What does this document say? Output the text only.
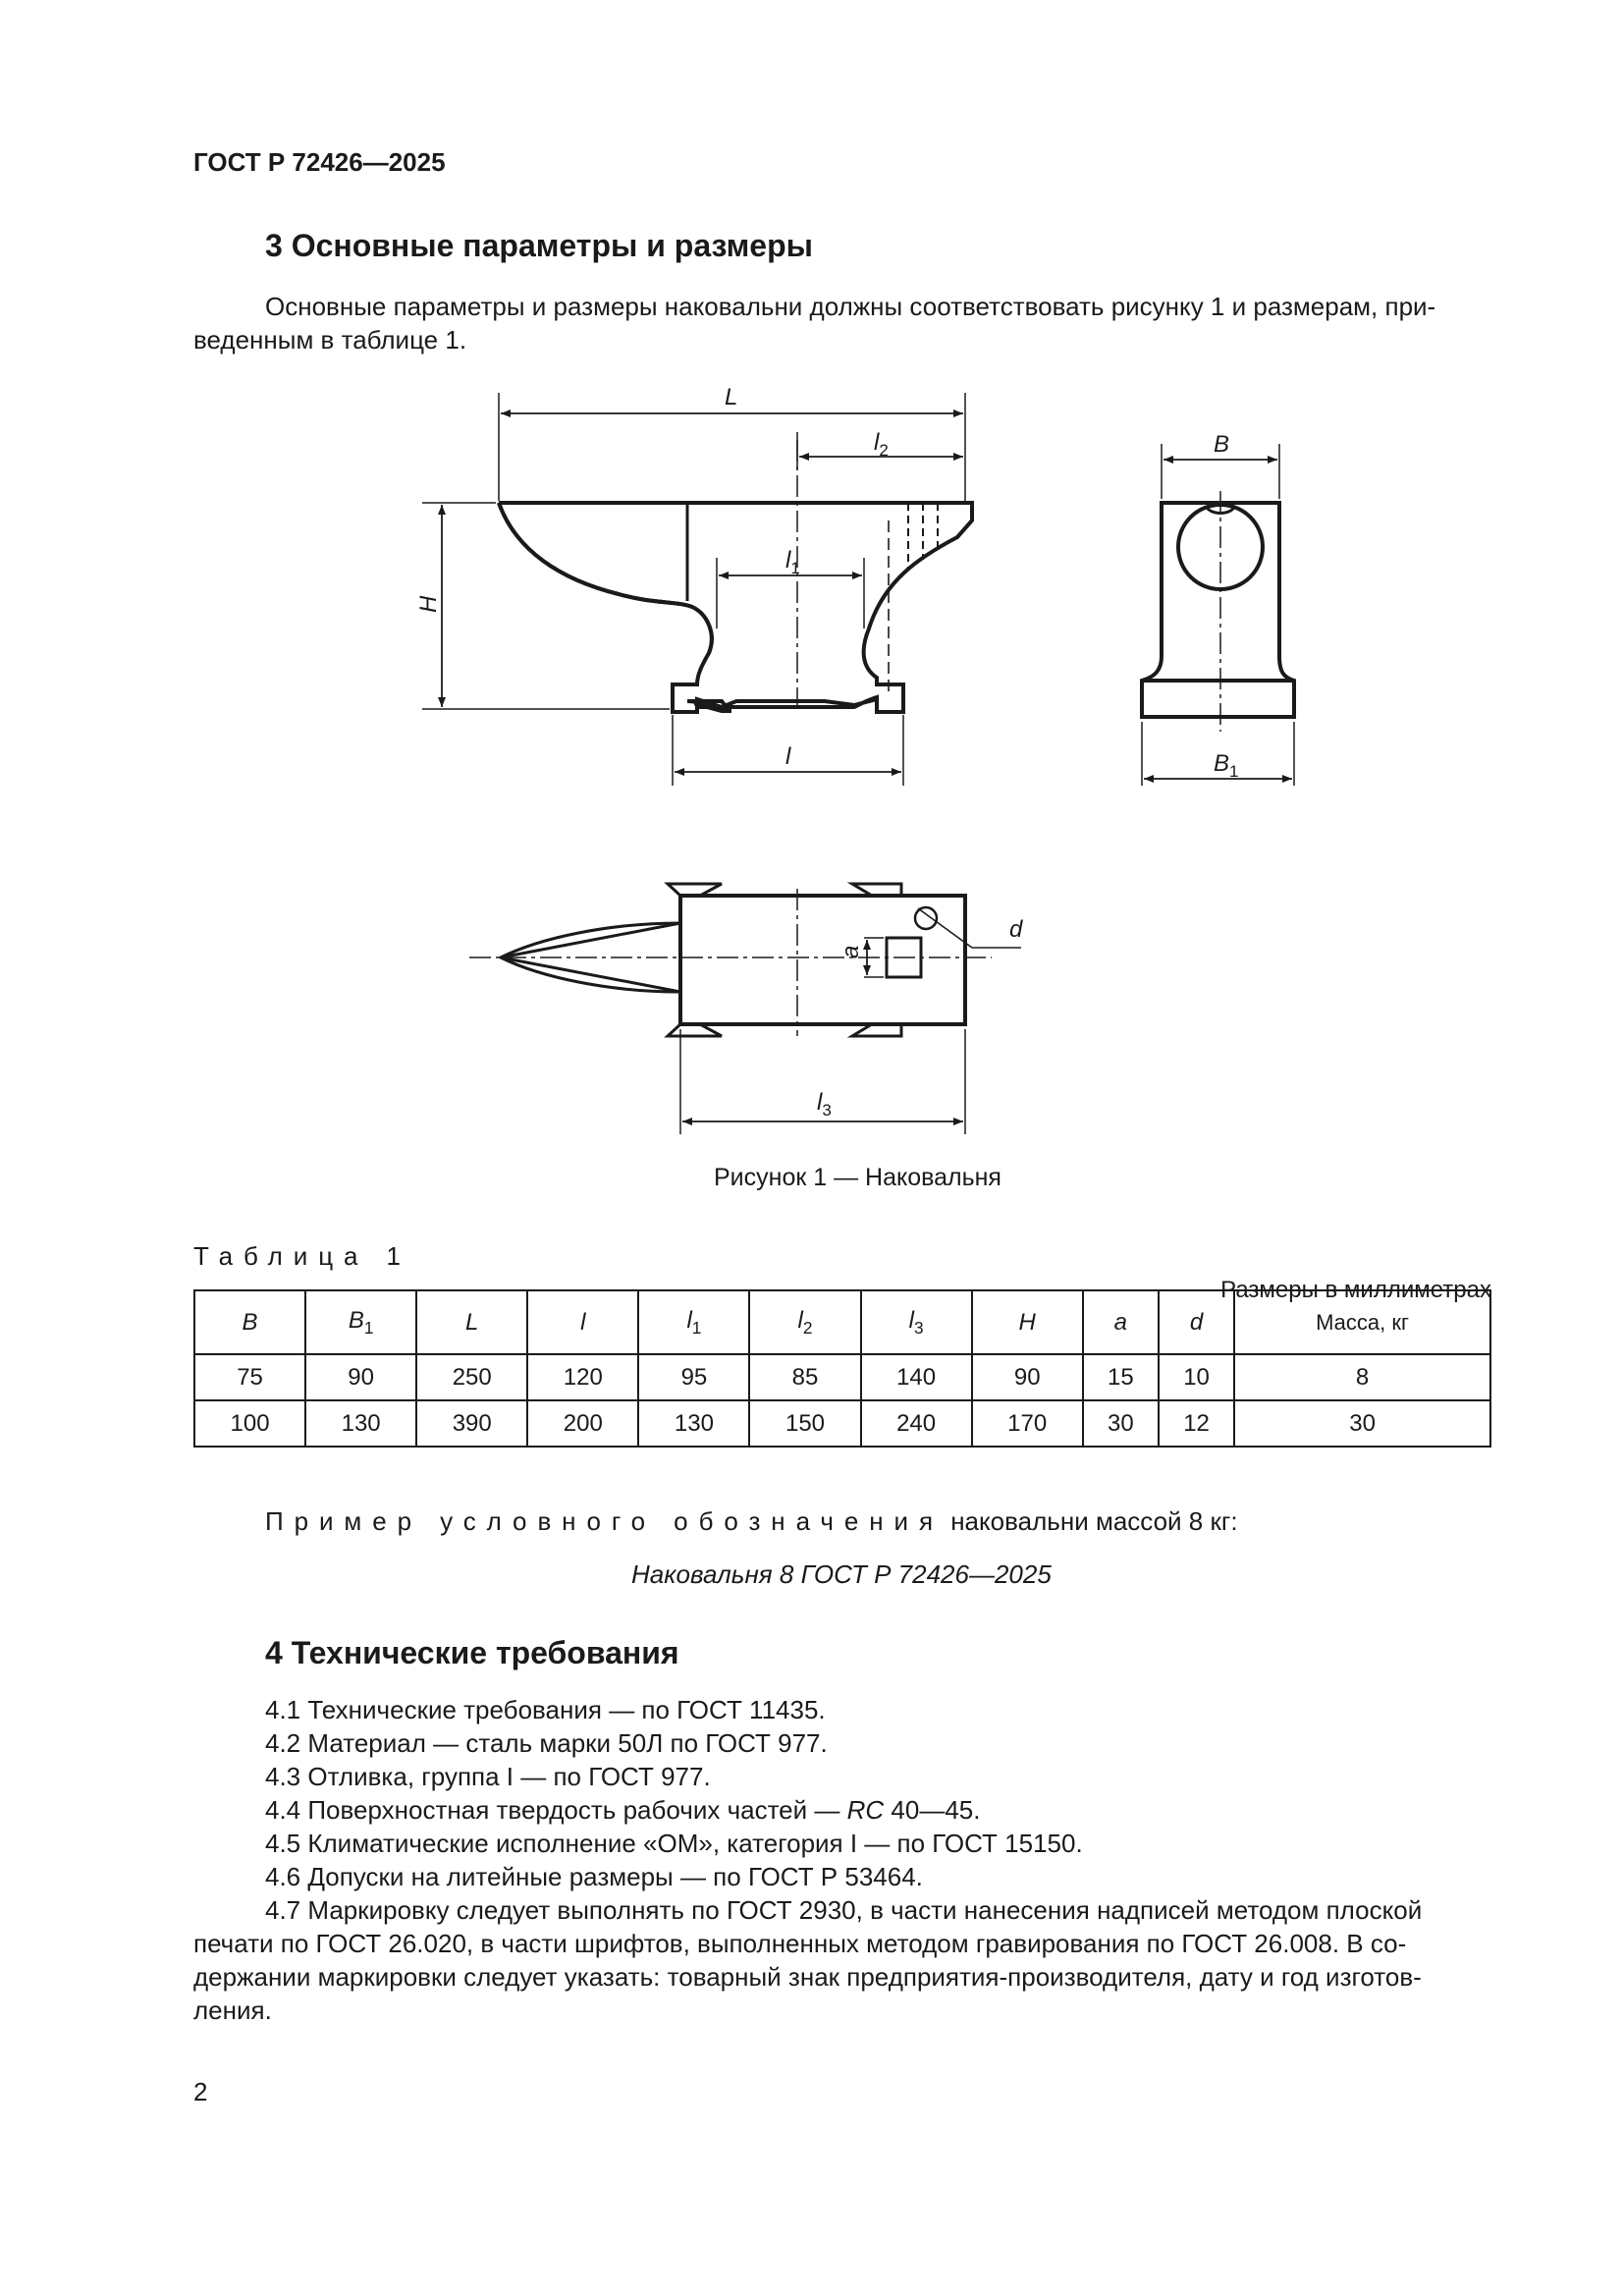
ГОСТ Р 72426—2025
3 Основные параметры и размеры
Основные параметры и размеры наковальни должны соответствовать рисунку 1 и размерам, при-
веденным в таблице 1.
L
$l_2$
$l_1$
H
l
B
$B_1$
d
a
$l_3$
Рисунок 1 — Наковальня
Таблица 1
Размеры в миллиметрах
B	$B_1$	L	l	$l_1$	$l_2$	$l_3$	H	a	d	Масса, кг
75	90	250	120	95	85	140	90	15	10	8
100	130	390	200	130	150	240	170	30	12	30
Пример условного обозначения наковальни массой 8 кг:
Наковальня 8 ГОСТ Р 72426—2025
4 Технические требования
4.1 Технические требования — по ГОСТ 11435.
4.2 Материал — сталь марки 50Л по ГОСТ 977.
4.3 Отливка, группа I — по ГОСТ 977.
4.4 Поверхностная твердость рабочих частей — RC 40—45.
4.5 Климатические исполнение «ОМ», категория I — по ГОСТ 15150.
4.6 Допуски на литейные размеры — по ГОСТ Р 53464.
4.7 Маркировку следует выполнять по ГОСТ 2930, в части нанесения надписей методом плоской
печати по ГОСТ 26.020, в части шрифтов, выполненных методом гравирования по ГОСТ 26.008. В со-
держании маркировки следует указать: товарный знак предприятия-производителя, дату и год изготов-
ления.
2
